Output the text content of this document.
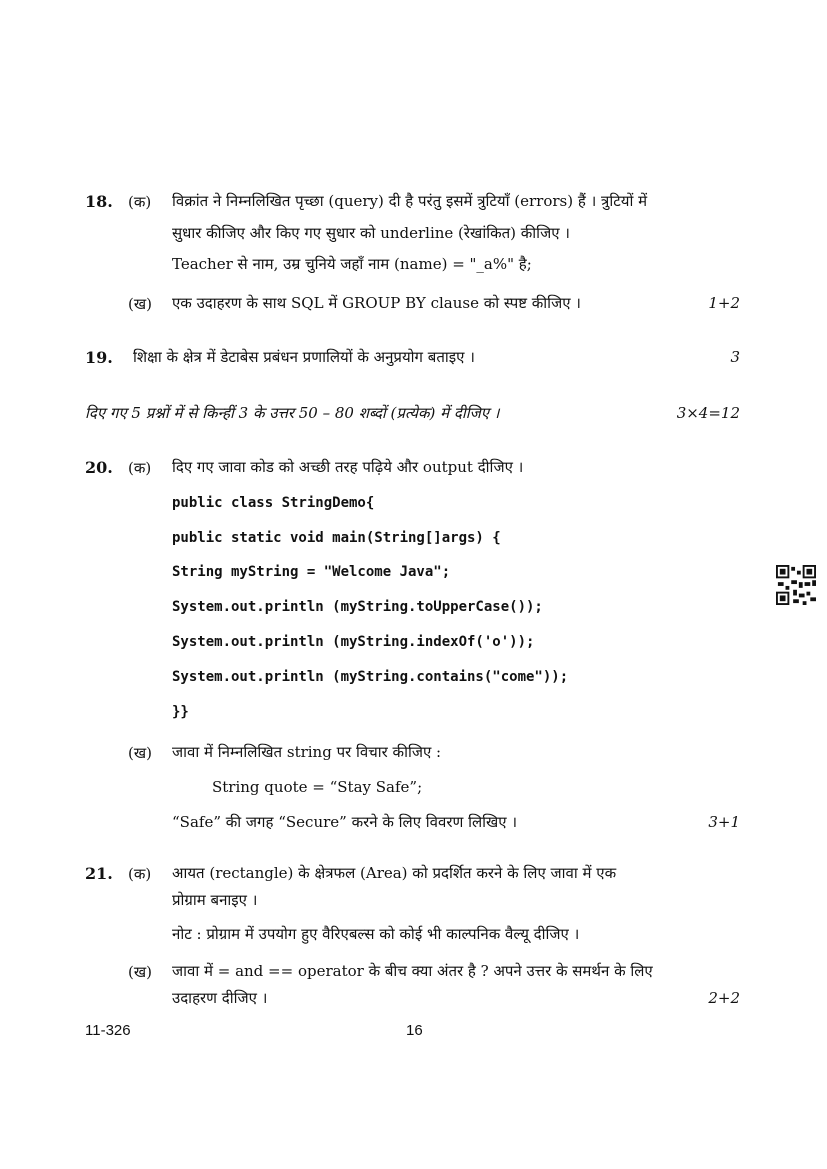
18. (क) विक्रांत ने निम्नलिखित पृच्छा (query) दी है परंतु इसमें त्रुटियाँ (errors) हैं । त्रुटियों में
सुधार कीजिए और किए गए सुधार को underline (रेखांकित) कीजिए ।
Teacher से नाम, उम्र चुनिये जहाँ नाम (name) = "_a%" है;
(ख) एक उदाहरण के साथ SQL में GROUP BY clause को स्पष्ट कीजिए ।	1+2
19. शिक्षा के क्षेत्र में डेटाबेस प्रबंधन प्रणालियों के अनुप्रयोग बताइए ।	3
दिए गए 5 प्रश्नों में से किन्हीं 3 के उत्तर 50 – 80 शब्दों (प्रत्येक) में दीजिए ।	3×4=12
20. (क) दिए गए जावा कोड को अच्छी तरह पढ़िये और output दीजिए ।
public class StringDemo{
public static void main(String[]args) {
String myString = "Welcome Java";
System.out.println (myString.toUpperCase());
System.out.println (myString.indexOf('o'));
System.out.println (myString.contains("come"));
}}
(ख) जावा में निम्नलिखित string पर विचार कीजिए :
String quote = “Stay Safe”;
“Safe” की जगह “Secure” करने के लिए विवरण लिखिए ।	3+1
21. (क) आयत (rectangle) के क्षेत्रफल (Area) को प्रदर्शित करने के लिए जावा में एक
प्रोग्राम बनाइए ।
नोट : प्रोग्राम में उपयोग हुए वैरिएबल्स को कोई भी काल्पनिक वैल्यू दीजिए ।
(ख) जावा में = and == operator के बीच क्या अंतर है ? अपने उत्तर के समर्थन के लिए
उदाहरण दीजिए ।	2+2
11-326	16
